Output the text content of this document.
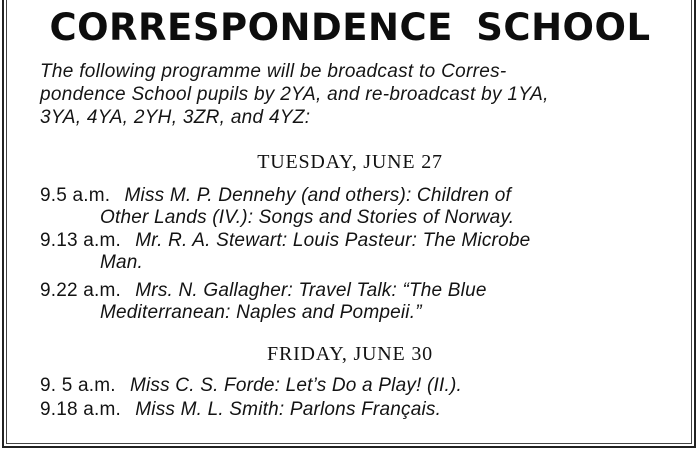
CORRESPONDENCE SCHOOL
The following programme will be broadcast to Corres-
pondence School pupils by 2YA, and re-broadcast by 1YA,
3YA, 4YA, 2YH, 3ZR, and 4YZ:
TUESDAY, JUNE 27
9.5 a.m. Miss M. P. Dennehy (and others): Children of
Other Lands (IV.): Songs and Stories of Norway.
9.13 a.m. Mr. R. A. Stewart: Louis Pasteur: The Microbe
Man.
9.22 a.m. Mrs. N. Gallagher: Travel Talk: “The Blue
Mediterranean: Naples and Pompeii.”
FRIDAY, JUNE 30
9. 5 a.m. Miss C. S. Forde: Let’s Do a Play! (II.).
9.18 a.m. Miss M. L. Smith: Parlons Français.
